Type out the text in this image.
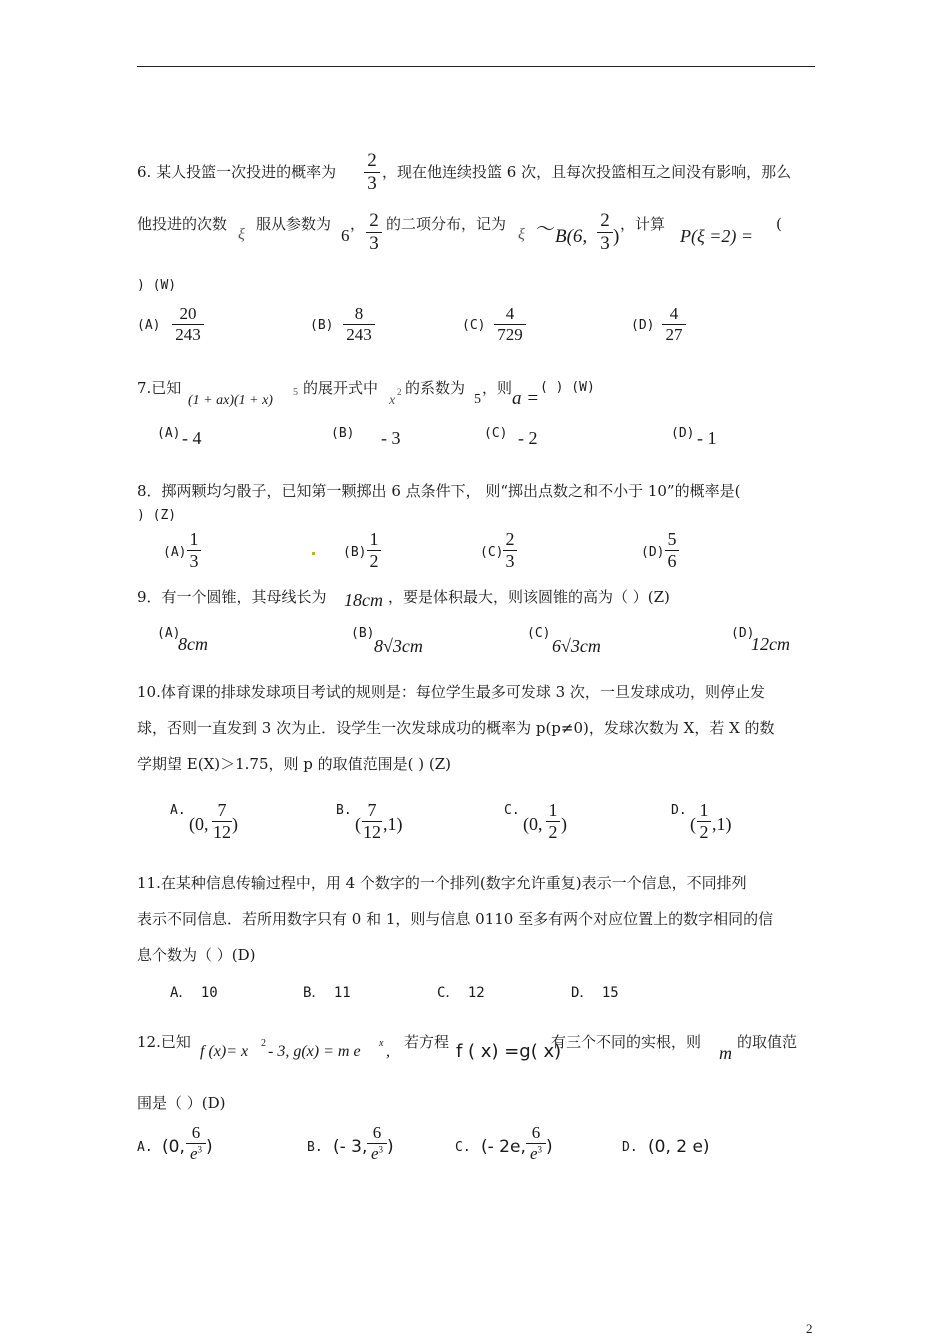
6. 某人投篮一次投进的概率为
2
3
，现在他连续投篮 6 次，且每次投篮相互之间没有影响，那么
他投进的次数
ξ
服从参数为
6
， 2
3
的二项分布，记为
ξ ～ B(6,
2
3 )
，计算
P(ξ =2) =
(
) (W)
(A)
20
243	(B)
8
243	(C)
4
729	(D)
4
27
7.已知
(1 + ax)(1 + x)
5 的展开式中
x
2 的系数为
5
，则 a =
( ) (W)
(A) - 4	(B) - 3	(C) - 2	(D) - 1
8．掷两颗均匀骰子，已知第一颗掷出 6 点条件下， 则“掷出点数之和不小于 10”的概率是(
) (Z)
(A)
1
3	(B)
1
2	(C)
2
3	(D)
5
6
9．有一个圆锥，其母线长为 18cm ，要是体积最大，则该圆锥的高为（ ）(Z)
(A)
8cm
(B)
8√3cm
(C)
6√3cm
(D)
12cm
10.体育课的排球发球项目考试的规则是：每位学生最多可发球 3 次，一旦发球成功，则停止发
球，否则一直发到 3 次为止．设学生一次发球成功的概率为 p(p≠0)，发球次数为 X，若 X 的数
学期望 E(X)＞1.75，则 p 的取值范围是( ) (Z)
A.
(0,
7
12 )
B.
(
7
12 ,1)
C.
(0,
1
2 )
D.
(
1
2 ,1)
11.在某种信息传输过程中，用 4 个数字的一个排列(数字允许重复)表示一个信息，不同排列
表示不同信息．若所用数字只有 0 和 1，则与信息 0110 至多有两个对应位置上的数字相同的信
息个数为（ ）(D)
A． 10	B． 11	C． 12	D． 15
12.已知
f (x)= x 2 - 3, g(x) = m e x ,
若方程 f ( x) =g( x)
有三个不同的实根，则
m
的取值范
围是（ ）(D)
A. (0,
6
$e^3$ )	B. (- 3,
6
$e^3$ )	C. (- 2e,
6
$e^3$ )	D. (0, 2 e)
2
